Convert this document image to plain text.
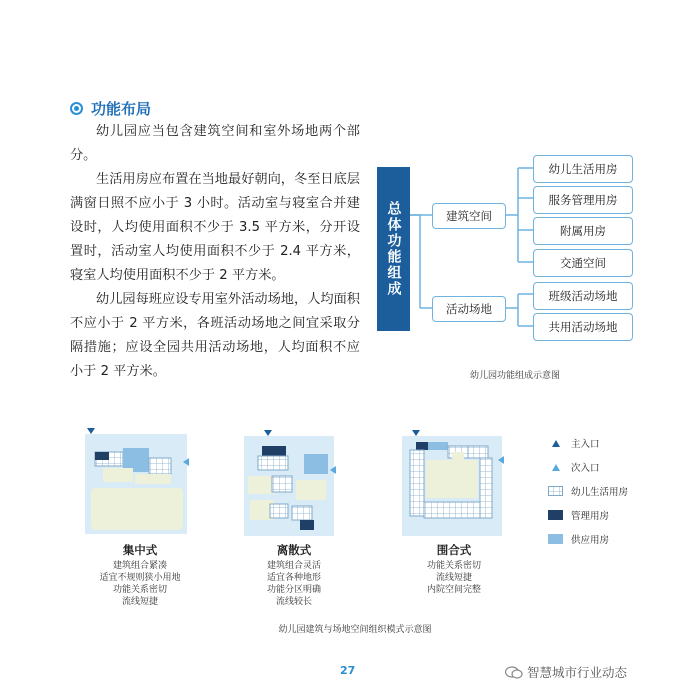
功能布局
幼儿园应当包含建筑空间和室外场地两个部分。
生活用房应布置在当地最好朝向，冬至日底层满窗日照不应小于 3 小时。活动室与寝室合并建设时，人均使用面积不少于 3.5 平方米，分开设置时，活动室人均使用面积不少于 2.4 平方米，寝室人均使用面积不少于 2 平方米。
幼儿园每班应设专用室外活动场地，人均面积不应小于 2 平方米，各班活动场地之间宜采取分隔措施；应设全园共用活动场地，人均面积不应小于 2 平方米。
总体功能组成	建筑空间
活动场地
幼儿生活用房
服务管理用房
附属用房
交通空间
班级活动场地
共用活动场地
幼儿园功能组成示意图
集中式
建筑组合紧凑
适宜不规则狭小用地
功能关系密切
流线短捷
离散式
建筑组合灵活
适宜各种地形
功能分区明确
流线较长
围合式
功能关系密切
流线短捷
内院空间完整
主入口
次入口
幼儿生活用房
管理用房
供应用房
幼儿园建筑与场地空间组织模式示意图
27	智慧城市行业动态
